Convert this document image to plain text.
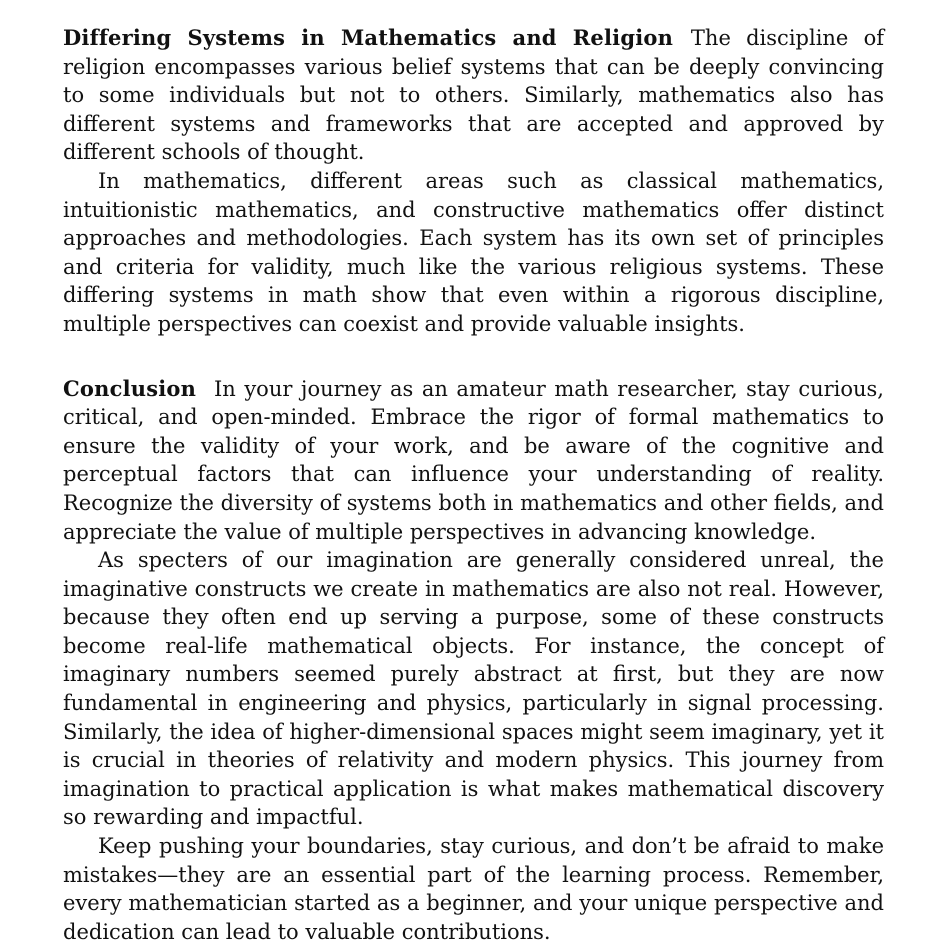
Differing Systems in Mathematics and Religion The discipline of religion encompasses various belief systems that can be deeply convincing to some individuals but not to others. Similarly, mathematics also has different systems and frameworks that are accepted and approved by different schools of thought.

In mathematics, different areas such as classical mathematics, intuitionistic mathematics, and constructive mathematics offer distinct approaches and methodologies. Each system has its own set of principles and criteria for validity, much like the various religious systems. These differing systems in math show that even within a rigorous discipline, multiple perspectives can coexist and provide valuable insights.

Conclusion In your journey as an amateur math researcher, stay curious, critical, and open-minded. Embrace the rigor of formal mathematics to ensure the validity of your work, and be aware of the cognitive and perceptual factors that can influence your understanding of reality. Recognize the diversity of systems both in mathematics and other fields, and appreciate the value of multiple perspectives in advancing knowledge.

As specters of our imagination are generally considered unreal, the imaginative constructs we create in mathematics are also not real. However, because they often end up serving a purpose, some of these constructs become real-life mathematical objects. For instance, the concept of imaginary numbers seemed purely abstract at first, but they are now fundamental in engineering and physics, particularly in signal processing. Similarly, the idea of higher-dimensional spaces might seem imaginary, yet it is crucial in theories of relativity and modern physics. This journey from imagination to practical application is what makes mathematical discovery so rewarding and impactful.

Keep pushing your boundaries, stay curious, and don’t be afraid to make mistakes—they are an essential part of the learning process. Remember, every mathematician started as a beginner, and your unique perspective and dedication can lead to valuable contributions.
